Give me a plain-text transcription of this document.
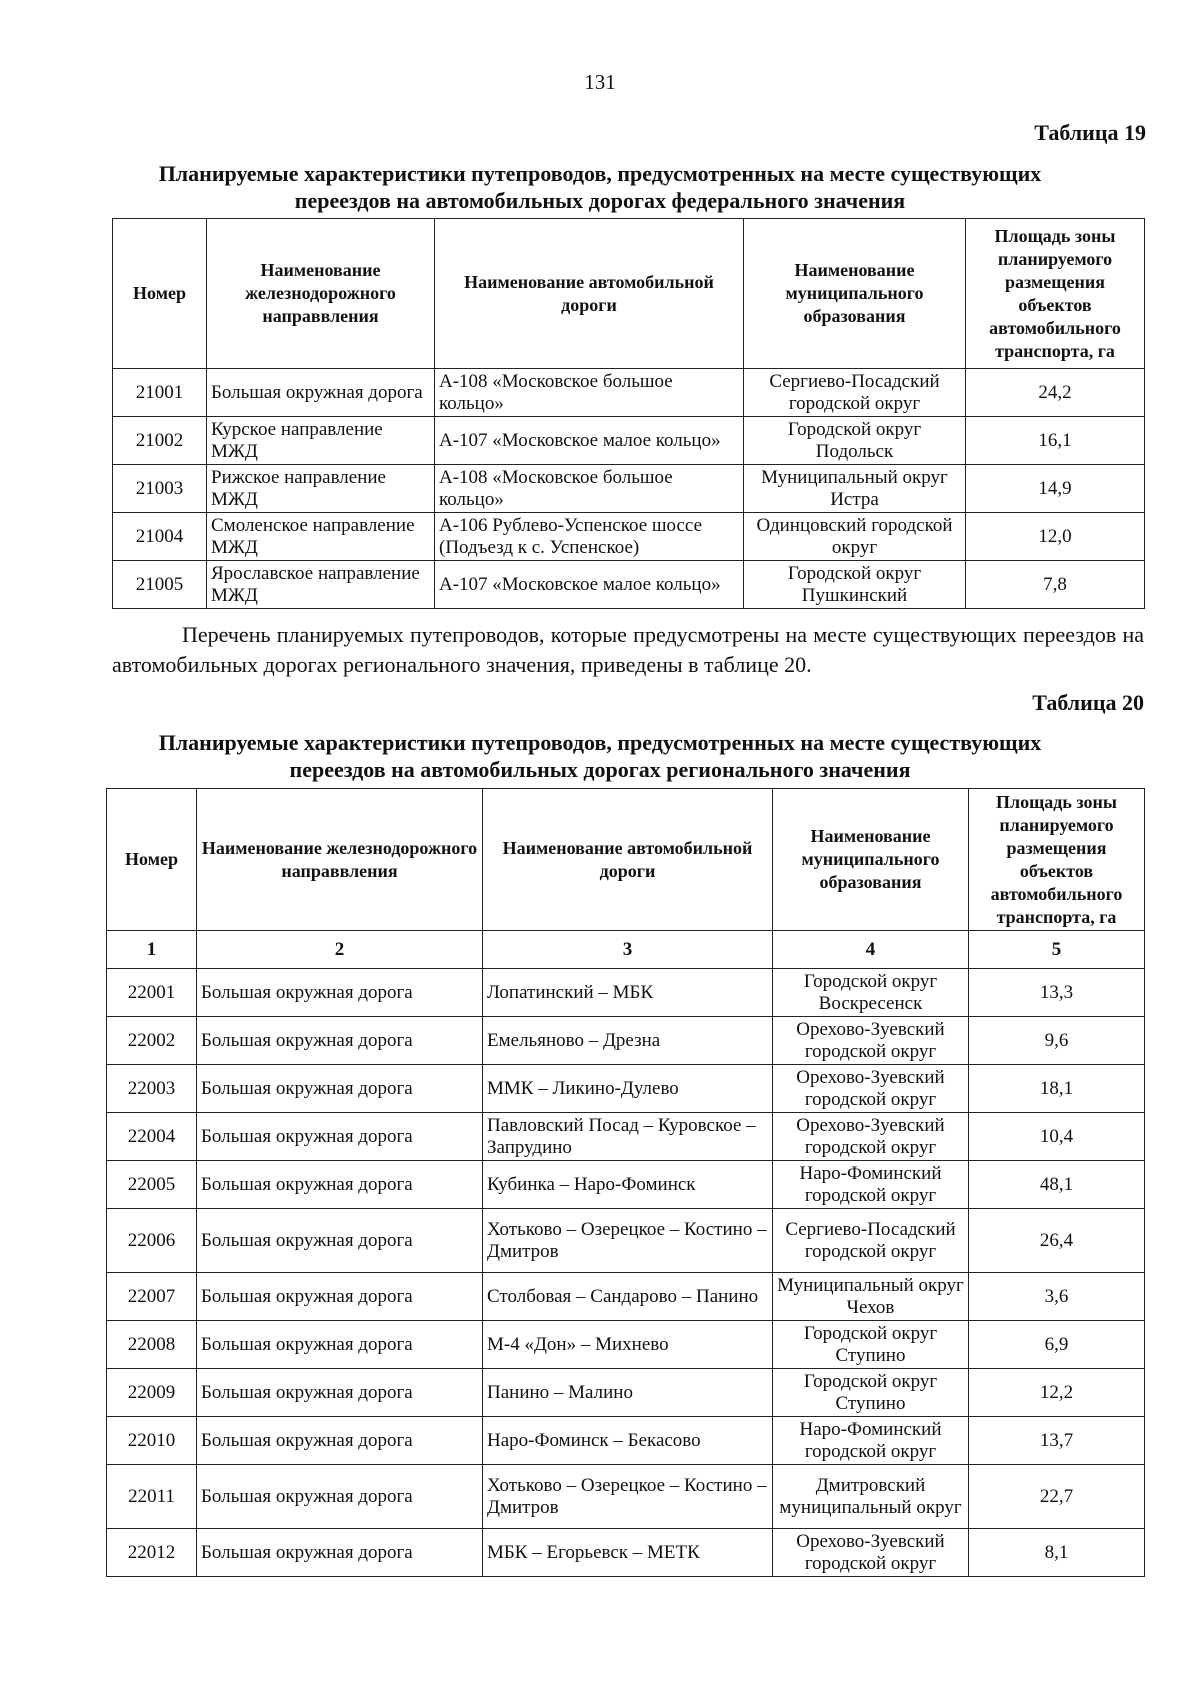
131
Таблица 19
Планируемые характеристики путепроводов, предусмотренных на месте существующих
переездов на автомобильных дорогах федерального значения
Номер	Наименование железнодорожного направвления	Наименование автомобильной дороги	Наименование муниципального образования	Площадь зоны планируемого размещения объектов автомобильного транспорта, га
21001	Большая окружная дорога	А-108 «Московское большое кольцо»	Сергиево-Посадский городской округ	24,2
21002	Курское направление МЖД	А-107 «Московское малое кольцо»	Городской округ Подольск	16,1
21003	Рижское направление МЖД	А-108 «Московское большое кольцо»	Муниципальный округ Истра	14,9
21004	Смоленское направление МЖД	А-106 Рублево-Успенское шоссе (Подъезд к с. Успенское)	Одинцовский городской округ	12,0
21005	Ярославское направление МЖД	А-107 «Московское малое кольцо»	Городской округ Пушкинский	7,8

Перечень планируемых путепроводов, которые предусмотрены на месте существующих переездов на автомобильных дорогах регионального значения, приведены в таблице 20.

Таблица 20
Планируемые характеристики путепроводов, предусмотренных на месте существующих
переездов на автомобильных дорогах регионального значения
Номер	Наименование железнодорожного направвления	Наименование автомобильной дороги	Наименование муниципального образования	Площадь зоны планируемого размещения объектов автомобильного транспорта, га
1	2	3	4	5
22001	Большая окружная дорога	Лопатинский – МБК	Городской округ Воскресенск	13,3
22002	Большая окружная дорога	Емельяново – Дрезна	Орехово-Зуевский городской округ	9,6
22003	Большая окружная дорога	ММК – Ликино-Дулево	Орехово-Зуевский городской округ	18,1
22004	Большая окружная дорога	Павловский Посад – Куровское – Запрудино	Орехово-Зуевский городской округ	10,4
22005	Большая окружная дорога	Кубинка – Наро-Фоминск	Наро-Фоминский городской округ	48,1
22006	Большая окружная дорога	Хотьково – Озерецкое – Костино – Дмитров	Сергиево-Посадский городской округ	26,4
22007	Большая окружная дорога	Столбовая – Сандарово – Панино	Муниципальный округ Чехов	3,6
22008	Большая окружная дорога	М-4 «Дон» – Михнево	Городской округ Ступино	6,9
22009	Большая окружная дорога	Панино – Малино	Городской округ Ступино	12,2
22010	Большая окружная дорога	Наро-Фоминск – Бекасово	Наро-Фоминский городской округ	13,7
22011	Большая окружная дорога	Хотьково – Озерецкое – Костино – Дмитров	Дмитровский муниципальный округ	22,7
22012	Большая окружная дорога	МБК – Егорьевск – МЕТК	Орехово-Зуевский городской округ	8,1
